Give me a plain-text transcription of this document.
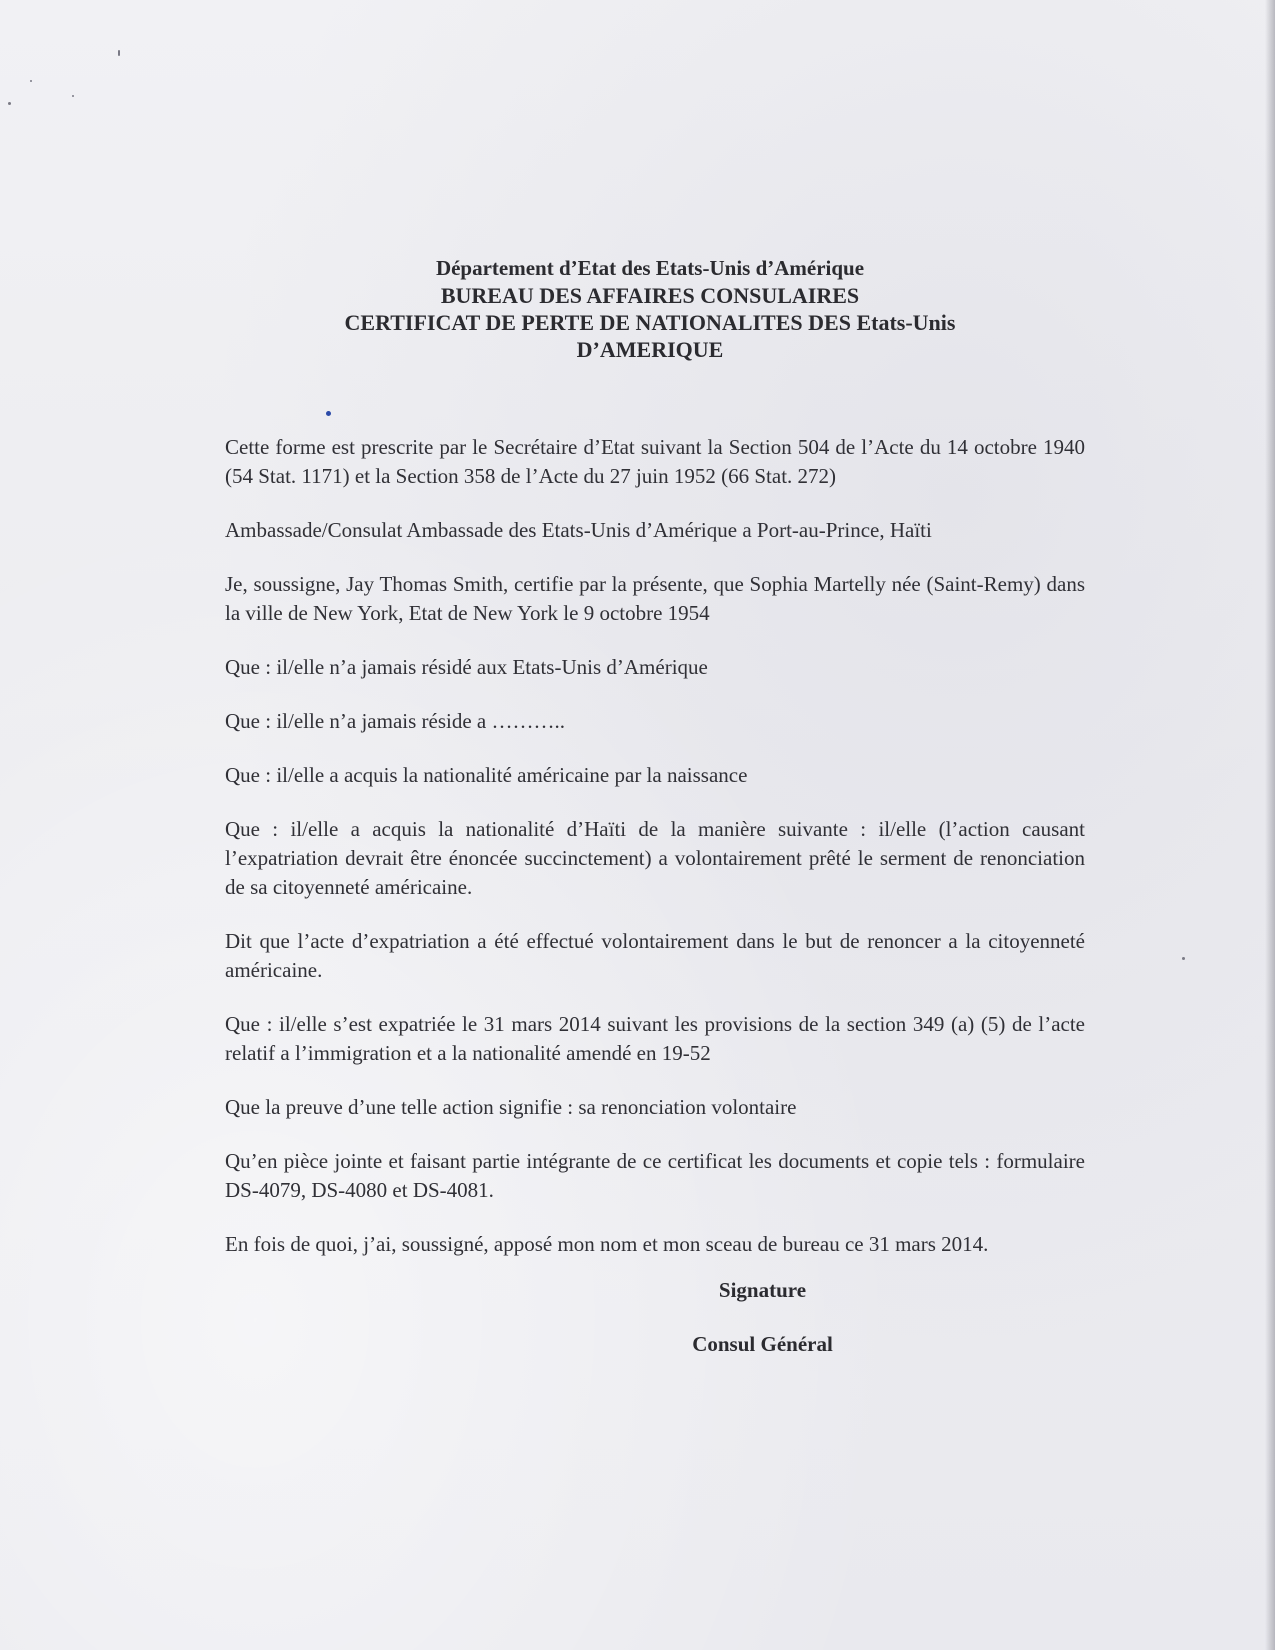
Département d’Etat des Etats-Unis d’Amérique
BUREAU DES AFFAIRES CONSULAIRES
CERTIFICAT DE PERTE DE NATIONALITES DES Etats-Unis
D’AMERIQUE

Cette forme est prescrite par le Secrétaire d’Etat suivant la Section 504 de l’Acte du 14 octobre 1940 (54 Stat. 1171) et la Section 358 de l’Acte du 27 juin 1952 (66 Stat. 272)

Ambassade/Consulat Ambassade des Etats-Unis d’Amérique a Port-au-Prince, Haïti

Je, soussigne, Jay Thomas Smith, certifie par la présente, que Sophia Martelly née (Saint-Remy) dans la ville de New York, Etat de New York le 9 octobre 1954

Que : il/elle n’a jamais résidé aux Etats-Unis d’Amérique

Que : il/elle n’a jamais réside a ………..

Que : il/elle a acquis la nationalité américaine par la naissance

Que : il/elle a acquis la nationalité d’Haïti de la manière suivante : il/elle (l’action causant l’expatriation devrait être énoncée succinctement) a volontairement prêté le serment de renonciation de sa citoyenneté américaine.

Dit que l’acte d’expatriation a été effectué volontairement dans le but de renoncer a la citoyenneté américaine.

Que : il/elle s’est expatriée le 31 mars 2014 suivant les provisions de la section 349 (a) (5) de l’acte relatif a l’immigration et a la nationalité amendé en 19-52

Que la preuve d’une telle action signifie : sa renonciation volontaire

Qu’en pièce jointe et faisant partie intégrante de ce certificat les documents et copie tels : formulaire DS-4079, DS-4080 et DS-4081.

En fois de quoi, j’ai, soussigné, apposé mon nom et mon sceau de bureau ce 31 mars 2014.

Signature
Consul Général
